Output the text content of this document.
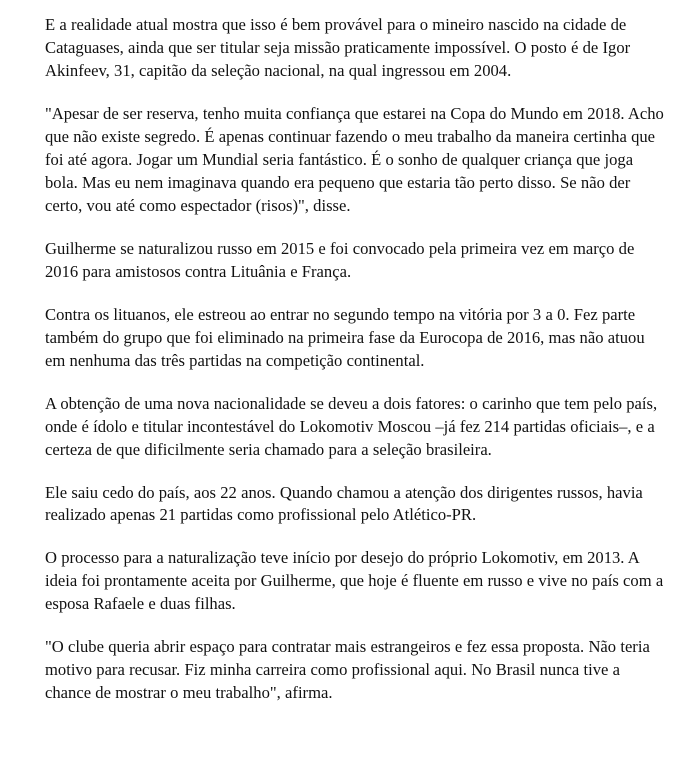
E a realidade atual mostra que isso é bem provável para o mineiro nascido na cidade de Cataguases, ainda que ser titular seja missão praticamente impossível. O posto é de Igor Akinfeev, 31, capitão da seleção nacional, na qual ingressou em 2004.

"Apesar de ser reserva, tenho muita confiança que estarei na Copa do Mundo em 2018. Acho que não existe segredo. É apenas continuar fazendo o meu trabalho da maneira certinha que foi até agora. Jogar um Mundial seria fantástico. É o sonho de qualquer criança que joga bola. Mas eu nem imaginava quando era pequeno que estaria tão perto disso. Se não der certo, vou até como espectador (risos)", disse.

Guilherme se naturalizou russo em 2015 e foi convocado pela primeira vez em março de 2016 para amistosos contra Lituânia e França.

Contra os lituanos, ele estreou ao entrar no segundo tempo na vitória por 3 a 0. Fez parte também do grupo que foi eliminado na primeira fase da Eurocopa de 2016, mas não atuou em nenhuma das três partidas na competição continental.

A obtenção de uma nova nacionalidade se deveu a dois fatores: o carinho que tem pelo país, onde é ídolo e titular incontestável do Lokomotiv Moscou –já fez 214 partidas oficiais–, e a certeza de que dificilmente seria chamado para a seleção brasileira.

Ele saiu cedo do país, aos 22 anos. Quando chamou a atenção dos dirigentes russos, havia realizado apenas 21 partidas como profissional pelo Atlético-PR.

O processo para a naturalização teve início por desejo do próprio Lokomotiv, em 2013. A ideia foi prontamente aceita por Guilherme, que hoje é fluente em russo e vive no país com a esposa Rafaele e duas filhas.

"O clube queria abrir espaço para contratar mais estrangeiros e fez essa proposta. Não teria motivo para recusar. Fiz minha carreira como profissional aqui. No Brasil nunca tive a chance de mostrar o meu trabalho", afirma.
